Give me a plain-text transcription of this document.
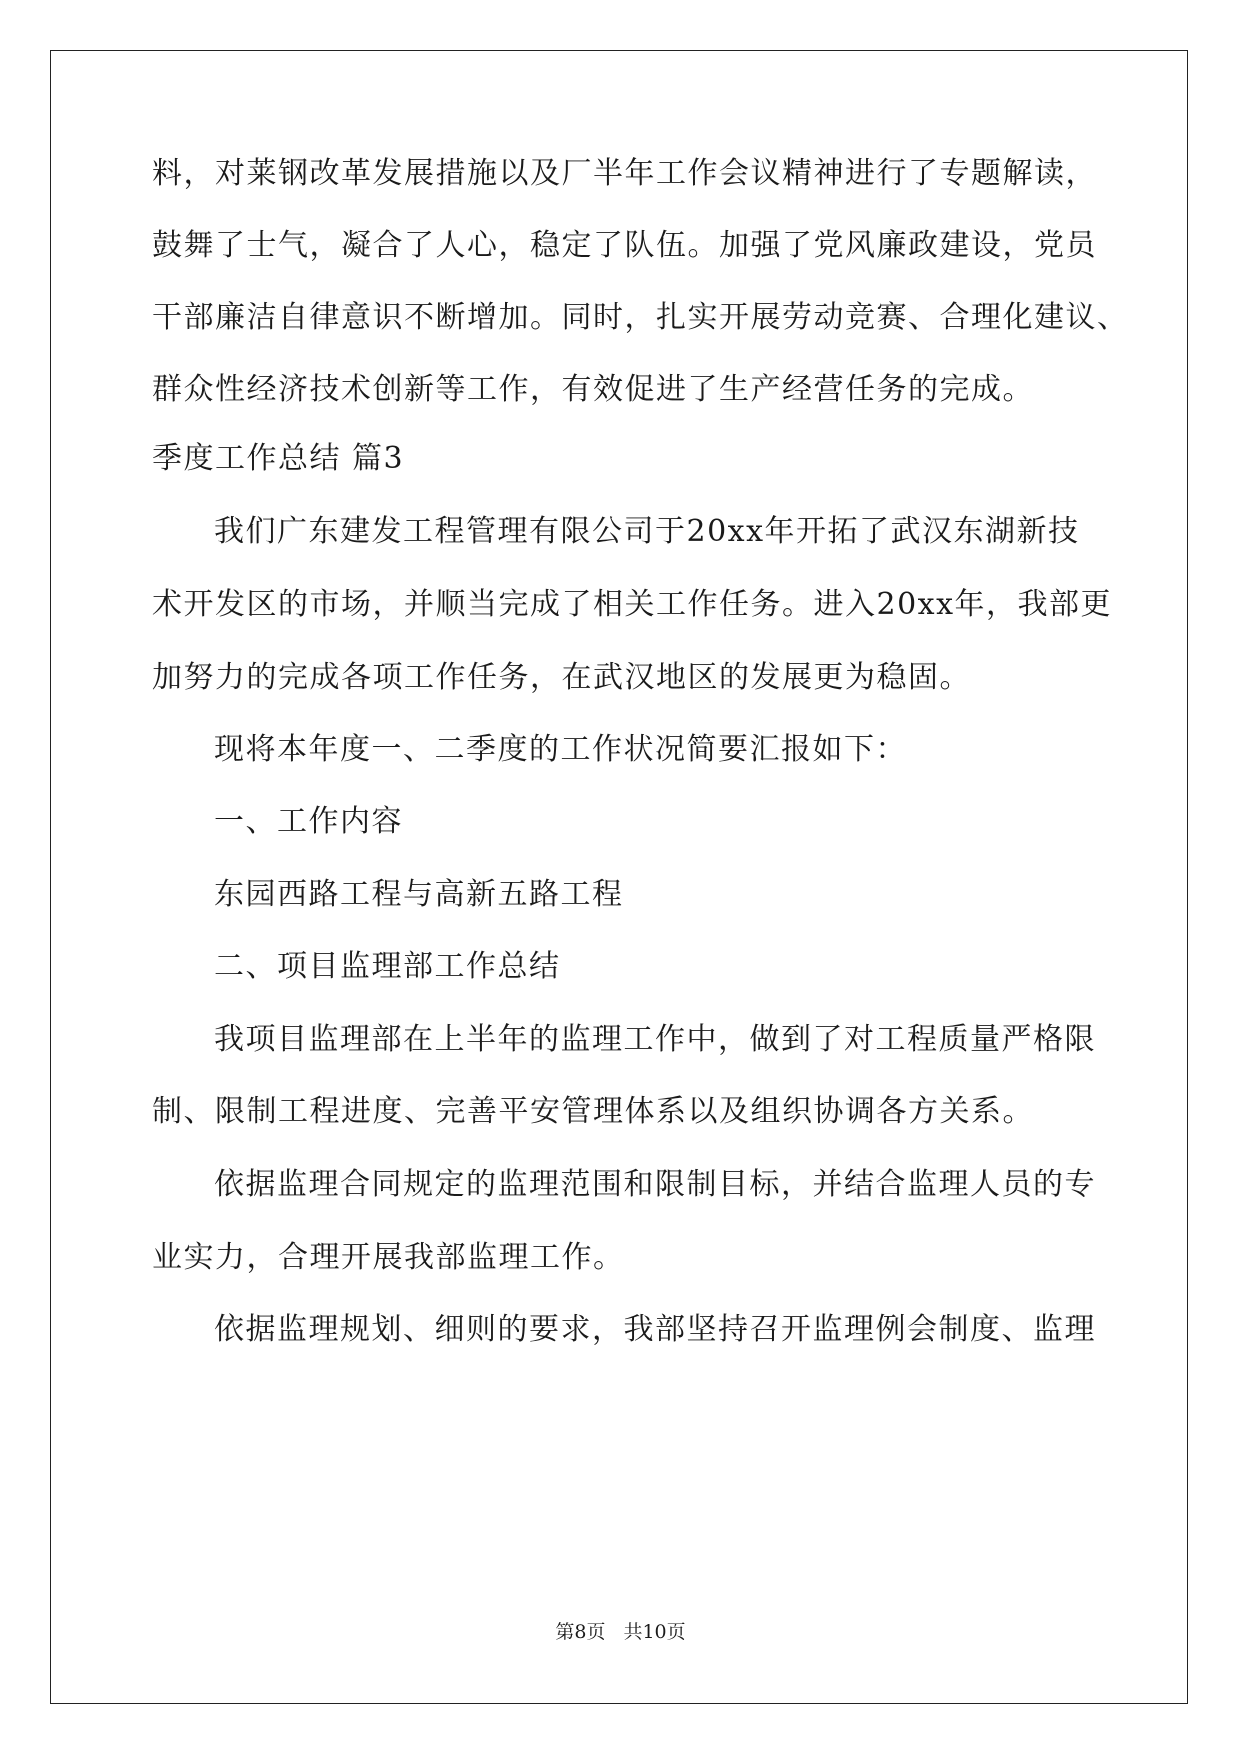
料，对莱钢改革发展措施以及厂半年工作会议精神进行了专题解读，
鼓舞了士气，凝合了人心，稳定了队伍。加强了党风廉政建设，党员
干部廉洁自律意识不断增加。同时，扎实开展劳动竞赛、合理化建议、
群众性经济技术创新等工作，有效促进了生产经营任务的完成。
季度工作总结 篇3
我们广东建发工程管理有限公司于20xx年开拓了武汉东湖新技
术开发区的市场，并顺当完成了相关工作任务。进入20xx年，我部更
加努力的完成各项工作任务，在武汉地区的发展更为稳固。
现将本年度一、二季度的工作状况简要汇报如下：
一、工作内容
东园西路工程与高新五路工程
二、项目监理部工作总结
我项目监理部在上半年的监理工作中，做到了对工程质量严格限
制、限制工程进度、完善平安管理体系以及组织协调各方关系。
依据监理合同规定的监理范围和限制目标，并结合监理人员的专
业实力，合理开展我部监理工作。
依据监理规划、细则的要求，我部坚持召开监理例会制度、监理
第8页 共10页
